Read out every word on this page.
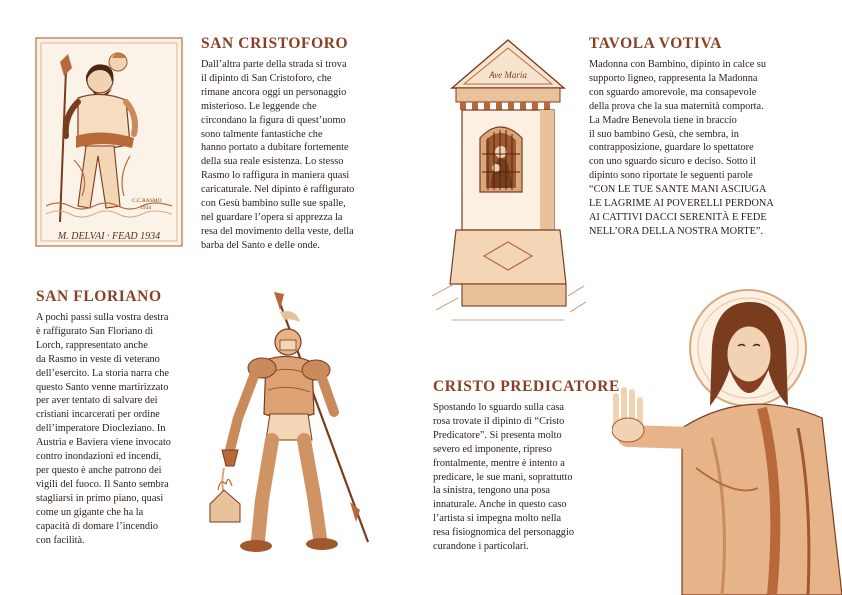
SAN CRISTOFORO

Dall’altra parte della strada si trova
il dipinto di San Cristoforo, che
rimane ancora oggi un personaggio
misterioso. Le leggende che
circondano la figura di quest’uomo
sono talmente fantastiche che
hanno portato a dubitare fortemente
della sua reale esistenza. Lo stesso
Rasmo lo raffigura in maniera quasi
caricaturale. Nel dipinto è raffigurato
con Gesù bambino sulle sue spalle,
nel guardare l’opera si apprezza la
resa del movimento della veste, della
barba del Santo e delle onde.

TAVOLA VOTIVA

Madonna con Bambino, dipinto in calce su
supporto ligneo, rappresenta la Madonna
con sguardo amorevole, ma consapevole
della prova che la sua maternità comporta.
La Madre Benevola tiene in braccio
il suo bambino Gesù, che sembra, in
contrapposizione, guardare lo spettatore
con uno sguardo sicuro e deciso. Sotto il
dipinto sono riportate le seguenti parole
“CON LE TUE SANTE MANI ASCIUGA
LE LAGRIME AI POVERELLI PERDONA
AI CATTIVI DACCI SERENITÀ E FEDE
NELL’ORA DELLA NOSTRA MORTE”.

SAN FLORIANO

A pochi passi sulla vostra destra
è raffigurato San Floriano di
Lorch, rappresentato anche
da Rasmo in veste di veterano
dell’esercito. La storia narra che
questo Santo venne martirizzato
per aver tentato di salvare dei
cristiani incarcerati per ordine
dell’imperatore Diocleziano. In
Austria e Baviera viene invocato
contro inondazioni ed incendi,
per questo è anche patrono dei
vigili del fuoco. Il Santo sembra
stagliarsi in primo piano, quasi
come un gigante che ha la
capacità di domare l’incendio
con facilità.

CRISTO PREDICATORE

Spostando lo sguardo sulla casa
rosa trovate il dipinto di “Cristo
Predicatore”. Si presenta molto
severo ed imponente, ripreso
frontalmente, mentre è intento a
predicare, le sue mani, soprattutto
la sinistra, tengono una posa
innaturale. Anche in questo caso
l’artista si impegna molto nella
resa fisiognomica del personaggio
curandone i particolari.

C.C.RASMO
1934
M. DELVAI · FEAD 1934
Ave Maria
